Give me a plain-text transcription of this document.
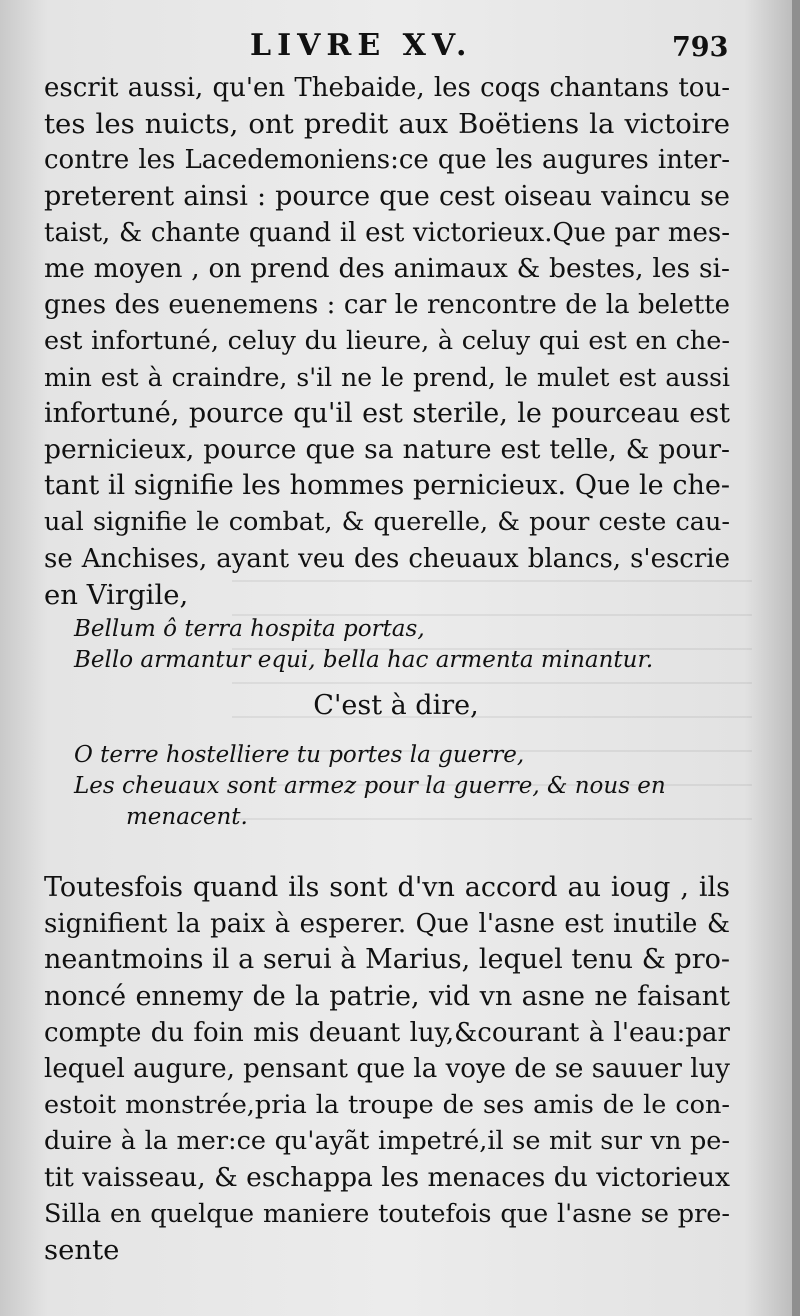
LIVRE XV.	793

escrit aussi, qu'en Thebaide, les coqs chantans tou-
tes les nuicts, ont predit aux Boëtiens la victoire
contre les Lacedemoniens:ce que les augures inter-
preterent ainsi : pource que cest oiseau vaincu se
taist, & chante quand il est victorieux.Que par mes-
me moyen , on prend des animaux & bestes, les si-
gnes des euenemens : car le rencontre de la belette
est infortuné, celuy du lieure, à celuy qui est en che-
min est à craindre, s'il ne le prend, le mulet est aussi
infortuné, pource qu'il est sterile, le pourceau est
pernicieux, pource que sa nature est telle, & pour-
tant il signifie les hommes pernicieux. Que le che-
ual signifie le combat, & querelle, & pour ceste cau-
se Anchises, ayant veu des cheuaux blancs, s'escrie
en Virgile,

Bellum ô terra hospita portas,
Bello armantur equi, bella hac armenta minantur.

C'est à dire,

O terre hostelliere tu portes la guerre,
Les cheuaux sont armez pour la guerre, & nous en
menacent.

Toutesfois quand ils sont d'vn accord au ioug , ils
signifient la paix à esperer. Que l'asne est inutile &
neantmoins il a serui à Marius, lequel tenu & pro-
noncé ennemy de la patrie, vid vn asne ne faisant
compte du foin mis deuant luy,&courant à l'eau:par
lequel augure, pensant que la voye de se sauuer luy
estoit monstrée,pria la troupe de ses amis de le con-
duire à la mer:ce qu'ayãt impetré,il se mit sur vn pe-
tit vaisseau, & eschappa les menaces du victorieux
Silla en quelque maniere toutefois que l'asne se pre-
sente
